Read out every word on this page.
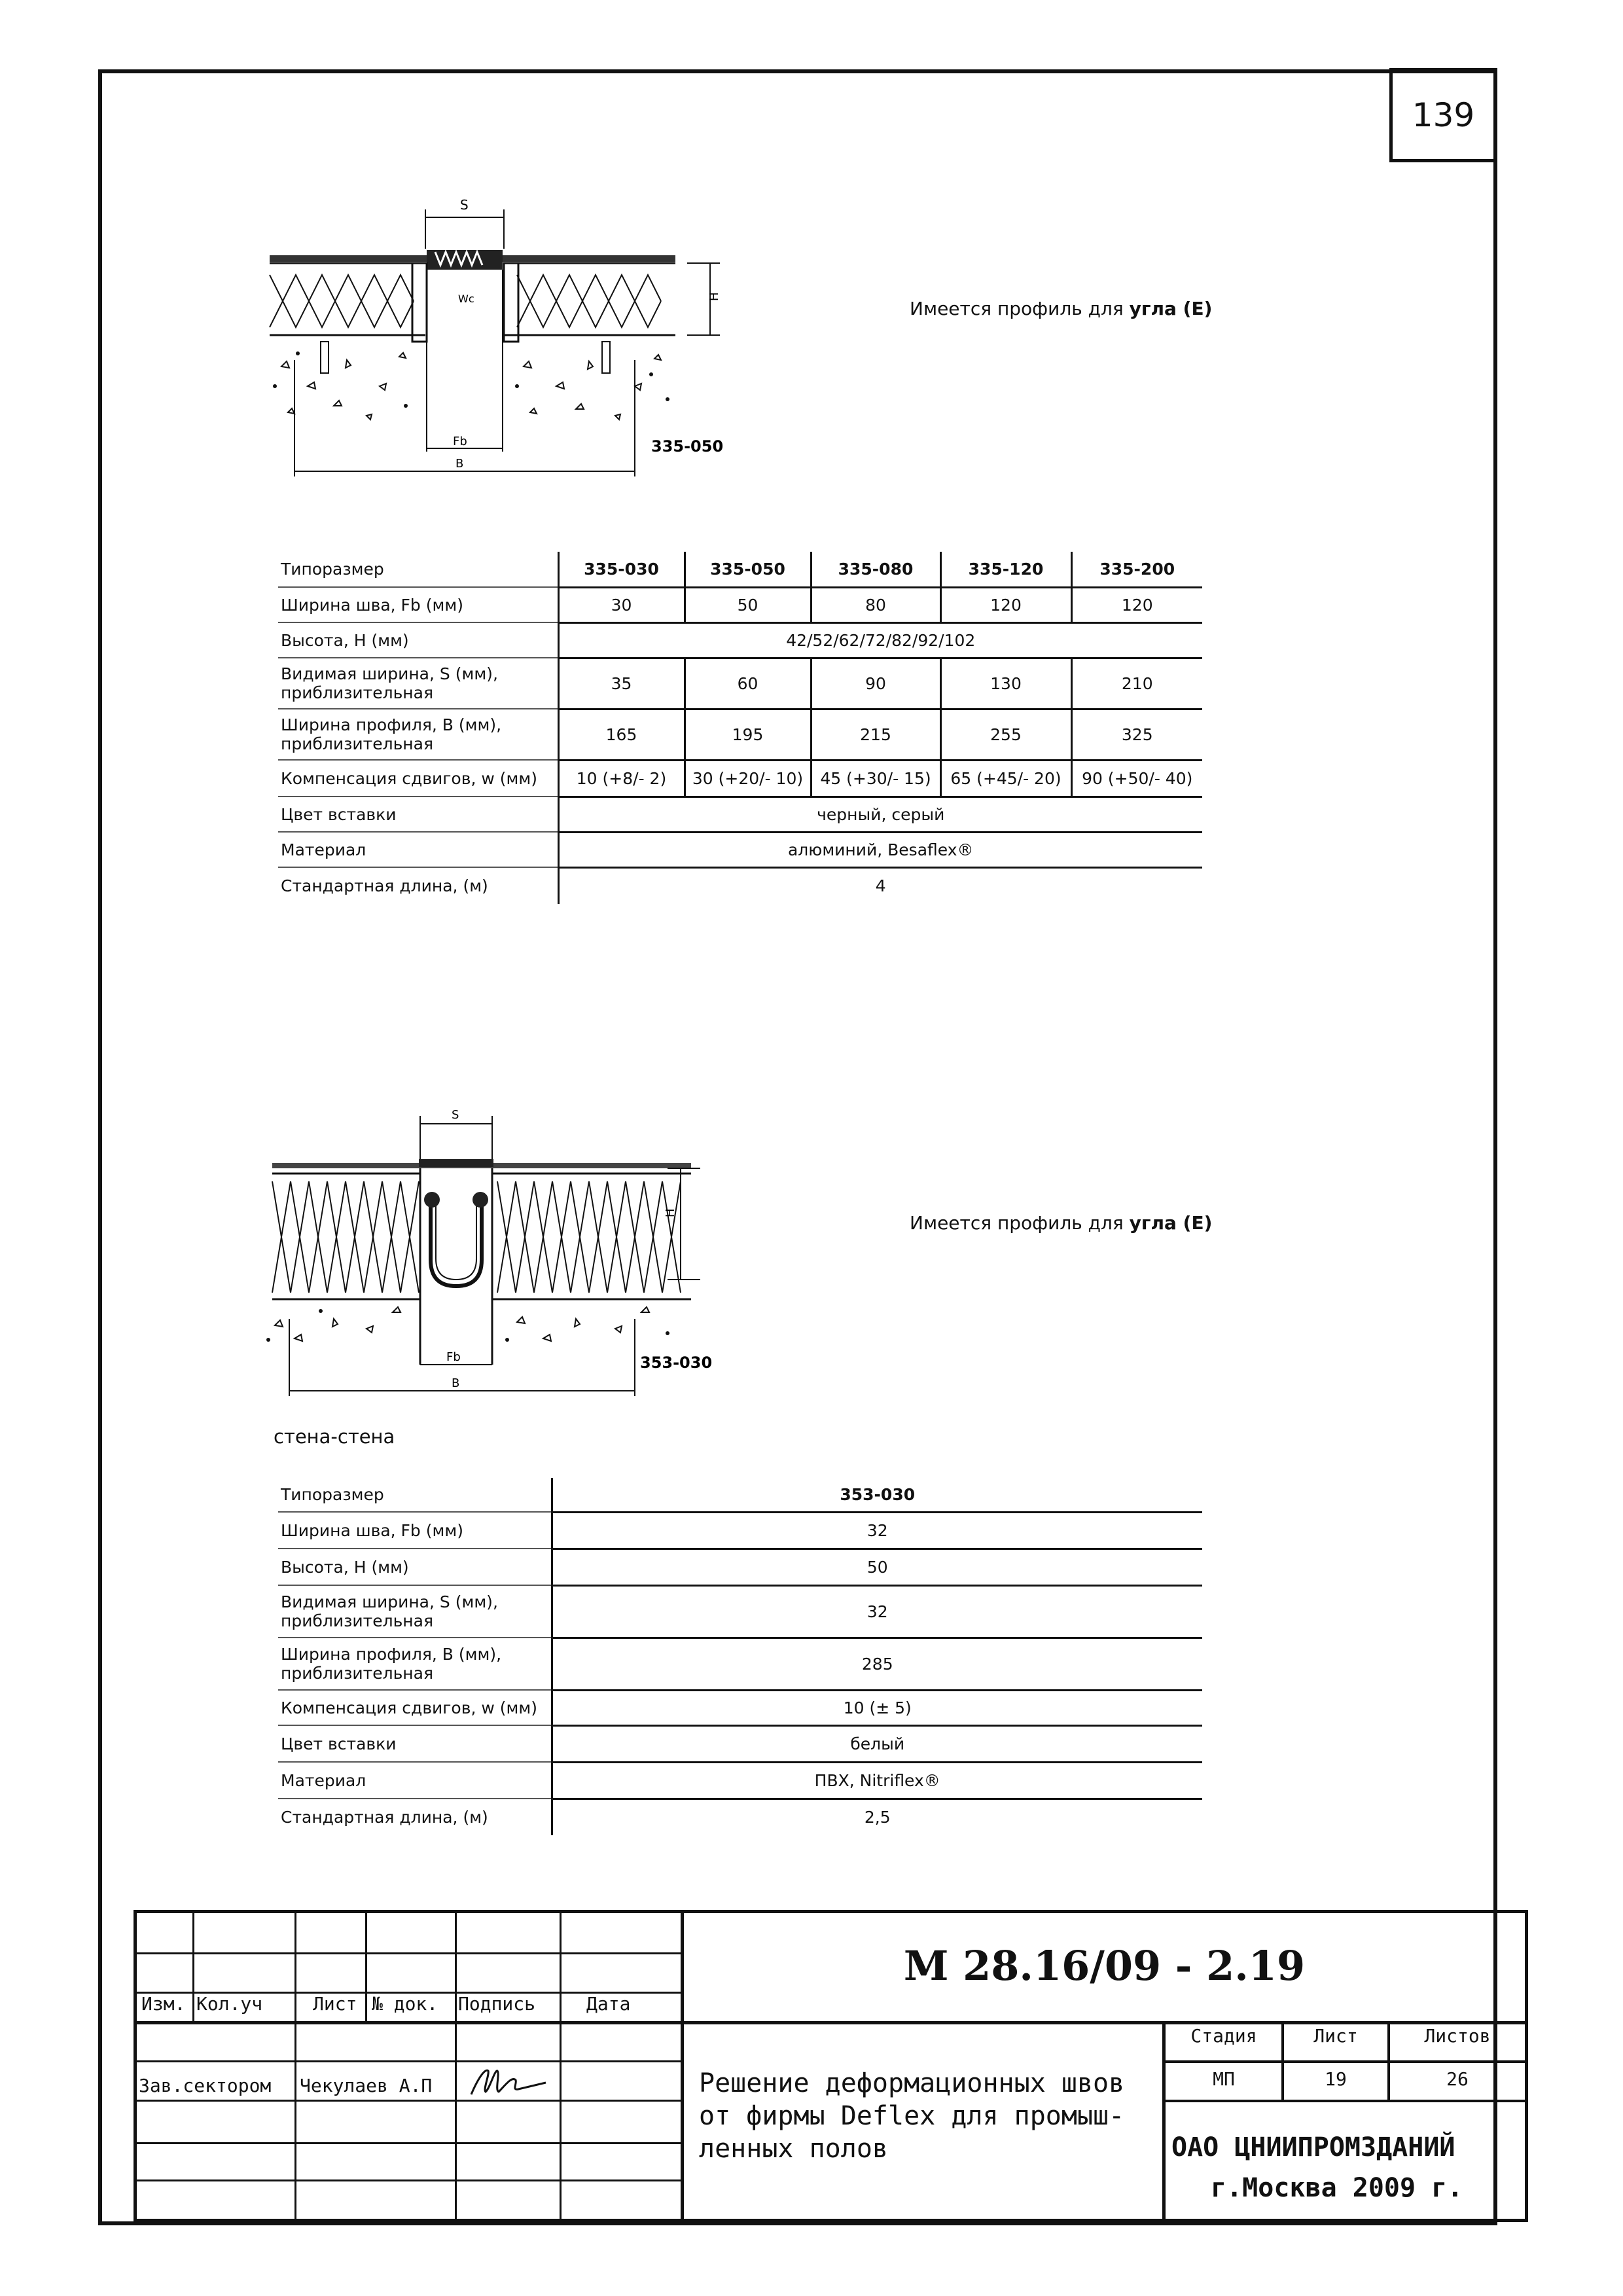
139
S
Wc	H
Fb
B
335-050
Имеется профиль для угла (E)
Типоразмер	335-030	335-050	335-080	335-120	335-200
Ширина шва, Fb (мм)	30	50	80	120	120
Высота, H (мм)	42/52/62/72/82/92/102				
Видимая ширина, S (мм), приблизительная	35	60	90	130	210
Ширина профиля, B (мм), приблизительная	165	195	215	255	325
Компенсация сдвигов, w (мм)	10 (+8/- 2)	30 (+20/- 10)	45 (+30/- 15)	65 (+45/- 20)	90 (+50/- 40)
Цвет вставки	черный, серый				
Материал	алюминий, Besaflex®				
Стандартная длина, (м)	4				
S
H
Fb
B
353-030
Имеется профиль для угла (E)
стена-стена
Типоразмер	353-030
Ширина шва, Fb (мм)	32
Высота, H (мм)	50
Видимая ширина, S (мм), приблизительная	32
Ширина профиля, B (мм), приблизительная	285
Компенсация сдвигов, w (мм)	10 (± 5)
Цвет вставки	белый
Материал	ПВХ, Nitriflex®
Стандартная длина, (м)	2,5
Изм. Кол.уч	Лист № док. Подпись	Дата
Зав.сектором Чекулаев А.П
М 28.16/09 - 2.19
Решение деформационных швов
от фирмы Deflex для промыш-
ленных полов
Стадия	Лист	Листов
МП	19	26
ОАО ЦНИИПРОМЗДАНИЙ
г.Москва 2009 г.
